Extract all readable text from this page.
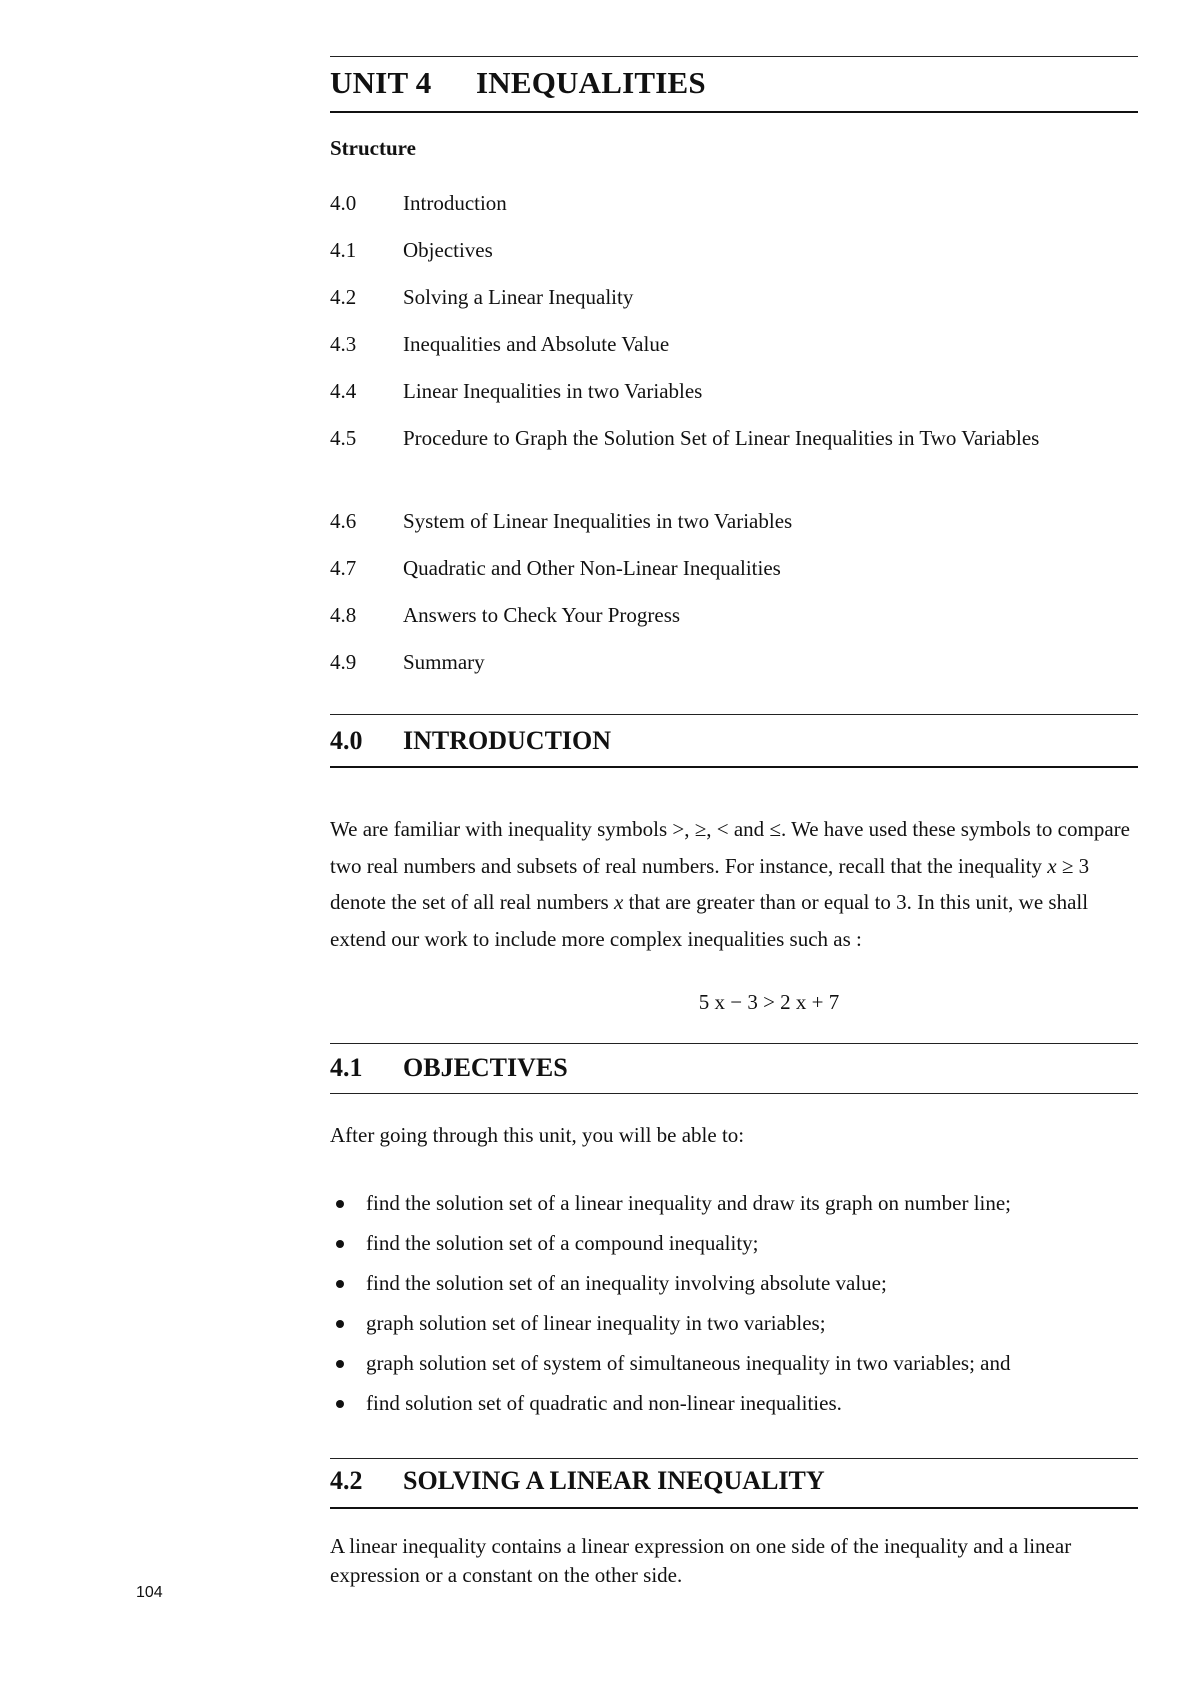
UNIT 4 INEQUALITIES
Structure
4.0	Introduction
4.1	Objectives
4.2	Solving a Linear Inequality
4.3	Inequalities and Absolute Value
4.4	Linear Inequalities in two Variables
4.5	Procedure to Graph the Solution Set of Linear Inequalities in Two Variables
4.6	System of Linear Inequalities in two Variables
4.7	Quadratic and Other Non-Linear Inequalities
4.8	Answers to Check Your Progress
4.9	Summary
4.0 INTRODUCTION
We are familiar with inequality symbols >, ≥, < and ≤. We have used these symbols to compare two real numbers and subsets of real numbers. For instance, recall that the inequality x ≥ 3 denote the set of all real numbers x that are greater than or equal to 3. In this unit, we shall extend our work to include more complex inequalities such as :
5 x − 3 > 2 x + 7
4.1 OBJECTIVES

After going through this unit, you will be able to:

find the solution set of a linear inequality and draw its graph on number line;
find the solution set of a compound inequality;
find the solution set of an inequality involving absolute value;
graph solution set of linear inequality in two variables;
graph solution set of system of simultaneous inequality in two variables; and
find solution set of quadratic and non-linear inequalities.
4.2 SOLVING A LINEAR INEQUALITY

A linear inequality contains a linear expression on one side of the inequality and a linear expression or a constant on the other side.

104
